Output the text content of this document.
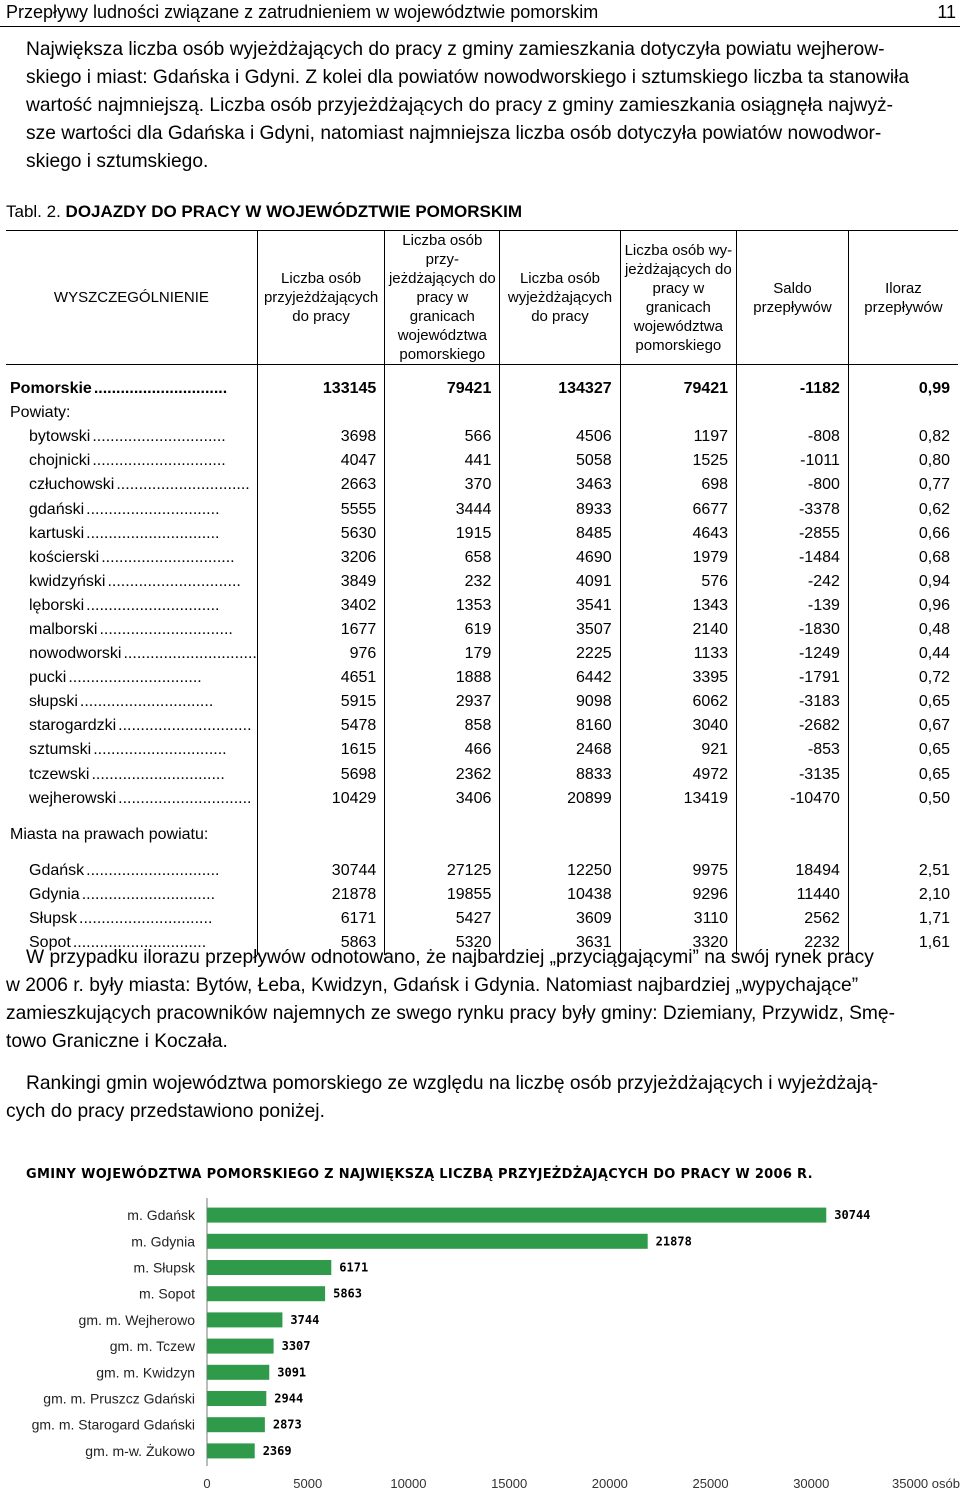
Przepływy ludności związane z zatrudnieniem w województwie pomorskim	11

Największa liczba osób wyjeżdżających do pracy z gminy zamieszkania dotyczyła powiatu wejherow-
skiego i miast: Gdańska i Gdyni. Z kolei dla powiatów nowodworskiego i sztumskiego liczba ta stanowiła
wartość najmniejszą. Liczba osób przyjeżdżających do pracy z gminy zamieszkania osiągnęła najwyż-
sze wartości dla Gdańska i Gdyni, natomiast najmniejsza liczba osób dotyczyła powiatów nowodwor-
skiego i sztumskiego.

Tabl. 2. DOJAZDY DO PRACY W WOJEWÓDZTWIE POMORSKIM
WYSZCZEGÓLNIENIE	Liczba osób przyjeżdżających do pracy	Liczba osób przy-jeżdżających do pracy w granicach województwa pomorskiego	Liczba osób wyjeżdżających do pracy	Liczba osób wy-jeżdżających do pracy w granicach województwa pomorskiego	Saldo przepływów	Iloraz przepływów

Pomorskie ..............................	133145	79421	134327	79421	-1182	0,99
Powiaty:						
bytowski ..............................	3698	566	4506	1197	-808	0,82
chojnicki ..............................	4047	441	5058	1525	-1011	0,80
człuchowski ..............................	2663	370	3463	698	-800	0,77
gdański ..............................	5555	3444	8933	6677	-3378	0,62
kartuski ..............................	5630	1915	8485	4643	-2855	0,66
kościerski ..............................	3206	658	4690	1979	-1484	0,68
kwidzyński ..............................	3849	232	4091	576	-242	0,94
lęborski ..............................	3402	1353	3541	1343	-139	0,96
malborski ..............................	1677	619	3507	2140	-1830	0,48
nowodworski ..............................	976	179	2225	1133	-1249	0,44
pucki ..............................	4651	1888	6442	3395	-1791	0,72
słupski ..............................	5915	2937	9098	6062	-3183	0,65
starogardzki ..............................	5478	858	8160	3040	-2682	0,67
sztumski ..............................	1615	466	2468	921	-853	0,65
tczewski ..............................	5698	2362	8833	4972	-3135	0,65
wejherowski ..............................	10429	3406	20899	13419	-10470	0,50
Miasta na prawach powiatu:						
Gdańsk ..............................	30744	27125	12250	9975	18494	2,51
Gdynia ..............................	21878	19855	10438	9296	11440	2,10
Słupsk ..............................	6171	5427	3609	3110	2562	1,71
Sopot ..............................	5863	5320	3631	3320	2232	1,61

W przypadku ilorazu przepływów odnotowano, że najbardziej „przyciągającymi” na swój rynek pracy
w 2006 r. były miasta: Bytów, Łeba, Kwidzyn, Gdańsk i Gdynia. Natomiast najbardziej „wypychające”
zamieszkujących pracowników najemnych ze swego rynku pracy były gminy: Dziemiany, Przywidz, Smę-
towo Graniczne i Koczała.

Rankingi gmin województwa pomorskiego ze względu na liczbę osób przyjeżdżających i wyjeżdżają-
cych do pracy przedstawiono poniżej.

GMINY WOJEWÓDZTWA POMORSKIEGO Z NAJWIĘKSZĄ LICZBĄ PRZYJEŻDŻAJĄCYCH DO PRACY W 2006 R.
m. Gdańsk	30744
m. Gdynia	21878
m. Słupsk	6171
m. Sopot	5863
gm. m. Wejherowo	3744
gm. m. Tczew	3307
gm. m. Kwidzyn	3091
gm. m. Pruszcz Gdański	2944
gm. m. Starogard Gdański	2873
gm. m-w. Żukowo	2369
0	5000	10000	15000	20000	25000	30000	35000 osób
